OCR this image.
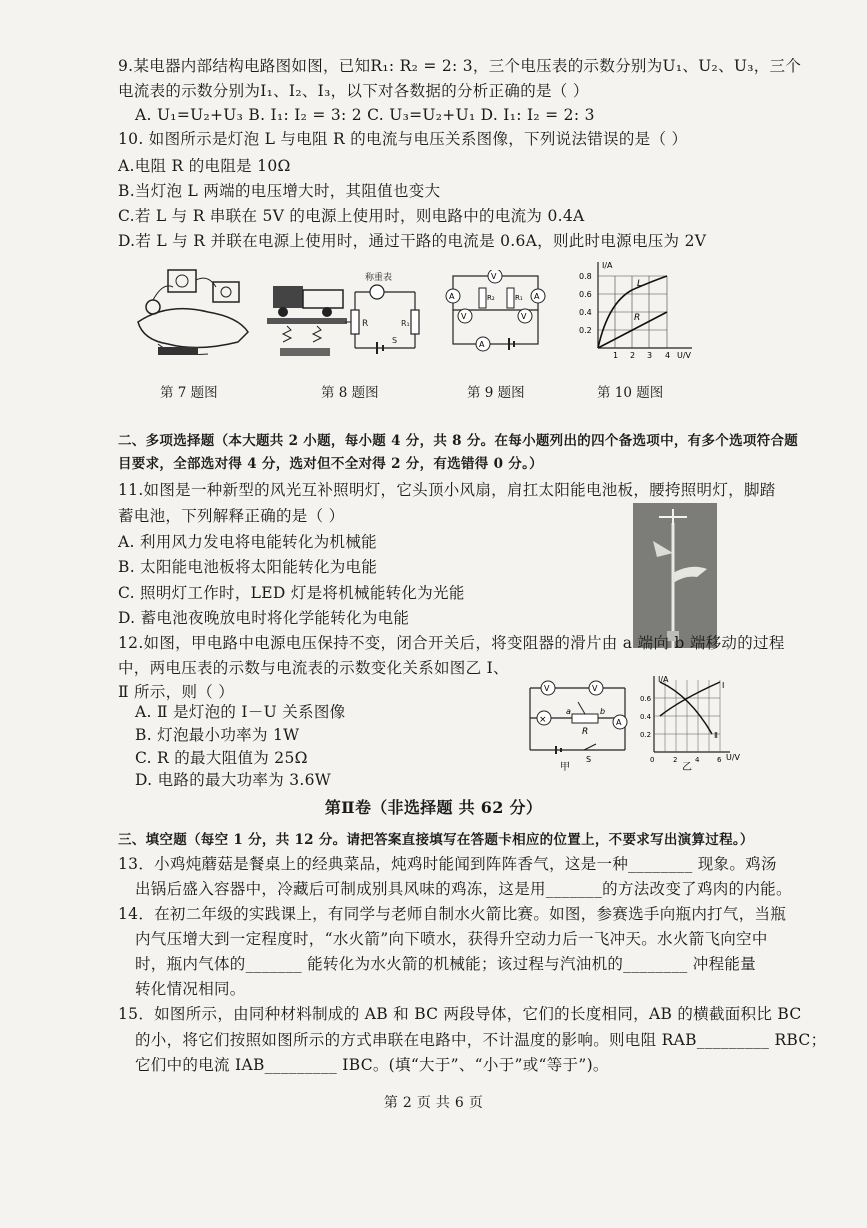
9.某电器内部结构电路图如图，已知R₁: R₂ = 2: 3，三个电压表的示数分别为U₁、U₂、U₃，三个
电流表的示数分别为I₁、I₂、I₃，以下对各数据的分析正确的是（ ）
A. U₁=U₂+U₃ B. I₁: I₂ = 3: 2 C. U₃=U₂+U₁ D. I₁: I₂ = 2: 3
10. 如图所示是灯泡 L 与电阻 R 的电流与电压关系图像，下列说法错误的是（ ）
A.电阻 R 的电阻是 10Ω
B.当灯泡 L 两端的电压增大时，其阻值也变大
C.若 L 与 R 串联在 5V 的电源上使用时，则电路中的电流为 0.4A
D.若 L 与 R 并联在电源上使用时，通过干路的电流是 0.6A，则此时电源电压为 2V
第 7 题图
称重表
R	R₁
S
第 8 题图
V
A	A
V	V
A
R₂	R₁
第 9 题图
I/A
U/V
L
R
0.8
0.6
0.4
0.2
1 2 3 4
第 10 题图
二、多项选择题（本大题共 2 小题，每小题 4 分，共 8 分。在每小题列出的四个备选项中，有多个选项符合题
目要求，全部选对得 4 分，选对但不全对得 2 分，有选错得 0 分。）
11.如图是一种新型的风光互补照明灯，它头顶小风扇，肩扛太阳能电池板，腰挎照明灯，脚踏
蓄电池，下列解释正确的是（ ）
A. 利用风力发电将电能转化为机械能
B. 太阳能电池板将太阳能转化为电能
C. 照明灯工作时，LED 灯是将机械能转化为光能
D. 蓄电池夜晚放电时将化学能转化为电能
12.如图，甲电路中电源电压保持不变，闭合开关后，将变阻器的滑片由 a 端向 b 端移动的过程
中，两电压表的示数与电流表的示数变化关系如图乙 Ⅰ、
Ⅱ 所示，则（ ）
A. Ⅱ 是灯泡的 I－U 关系图像
B. 灯泡最小功率为 1W
C. R 的最大阻值为 25Ω
D. 电路的最大功率为 3.6W
V	V
×	A
a	b
R
S
甲
I/A
U/V
0.6
0.4
0.2
0	2	4	6
Ⅰ
Ⅱ
乙
第Ⅱ卷（非选择题 共 62 分）
三、填空题（每空 1 分，共 12 分。请把答案直接填写在答题卡相应的位置上，不要求写出演算过程。）
13．小鸡炖蘑菇是餐桌上的经典菜品，炖鸡时能闻到阵阵香气，这是一种________ 现象。鸡汤
出锅后盛入容器中，冷藏后可制成别具风味的鸡冻，这是用_______的方法改变了鸡肉的内能。
14．在初二年级的实践课上，有同学与老师自制水火箭比赛。如图，参赛选手向瓶内打气，当瓶
内气压增大到一定程度时，“水火箭”向下喷水，获得升空动力后一飞冲天。水火箭飞向空中
时，瓶内气体的_______ 能转化为水火箭的机械能；该过程与汽油机的________ 冲程能量
转化情况相同。
15．如图所示，由同种材料制成的 AB 和 BC 两段导体，它们的长度相同，AB 的横截面积比 BC
的小，将它们按照如图所示的方式串联在电路中，不计温度的影响。则电阻 RAB_________ RBC；
它们中的电流 IAB_________ IBC。(填“大于”、“小于”或“等于”)。
第 2 页 共 6 页
